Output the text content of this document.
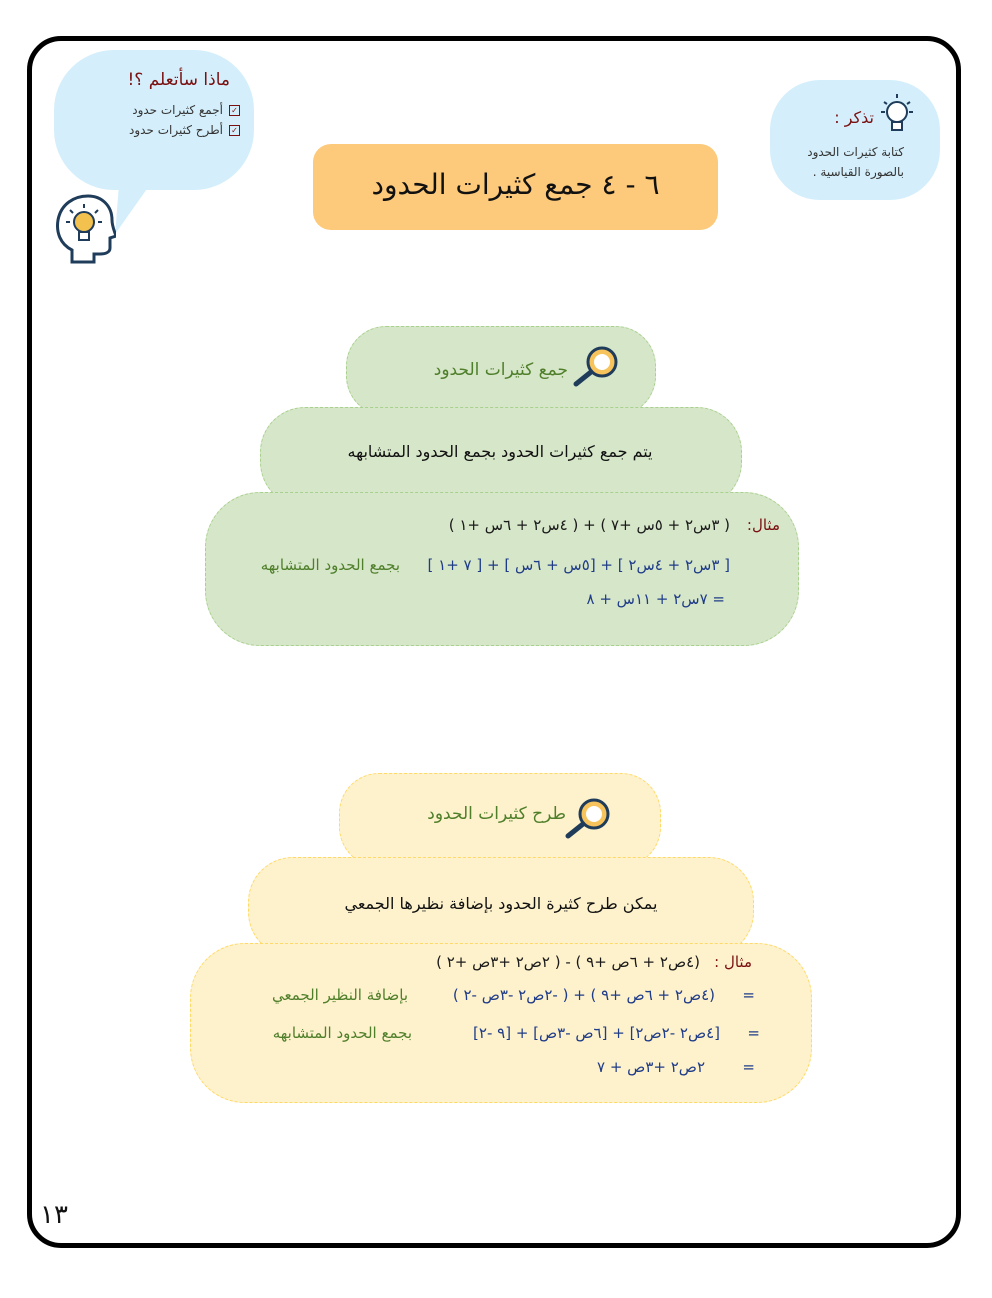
ماذا سأتعلم ؟!
✓
أجمع كثيرات حدود
✓
أطرح كثيرات حدود
تذكر :
كتابة كثيرات الحدود
بالصورة القياسية .
٦ - ٤ جمع كثيرات الحدود
جمع كثيرات الحدود
يتم جمع كثيرات الحدود بجمع الحدود المتشابهه
مثال:
( ٣س٢ + ٥س +٧ ) + ( ٤س٢ + ٦س +١ )
[ ٣س٢ + ٤س٢ ] + [٥س + ٦س ] + [ ٧ +١ ]
بجمع الحدود المتشابهه
= ٧س٢ + ١١س + ٨
طرح كثيرات الحدود
يمكن طرح كثيرة الحدود بإضافة نظيرها الجمعي
مثال :
(٤ص٢ + ٦ص +٩ ) - ( ٢ص٢ +٣ص +٢ )
=
(٤ص٢ + ٦ص +٩ ) + ( -٢ص٢ -٣ص -٢ )
بإضافة النظير الجمعي
=
[٤ص٢ -٢ص٢] + [٦ص -٣ص] + [٩ -٢]
بجمع الحدود المتشابهه
=
٢ص٢ +٣ص + ٧
١٣
